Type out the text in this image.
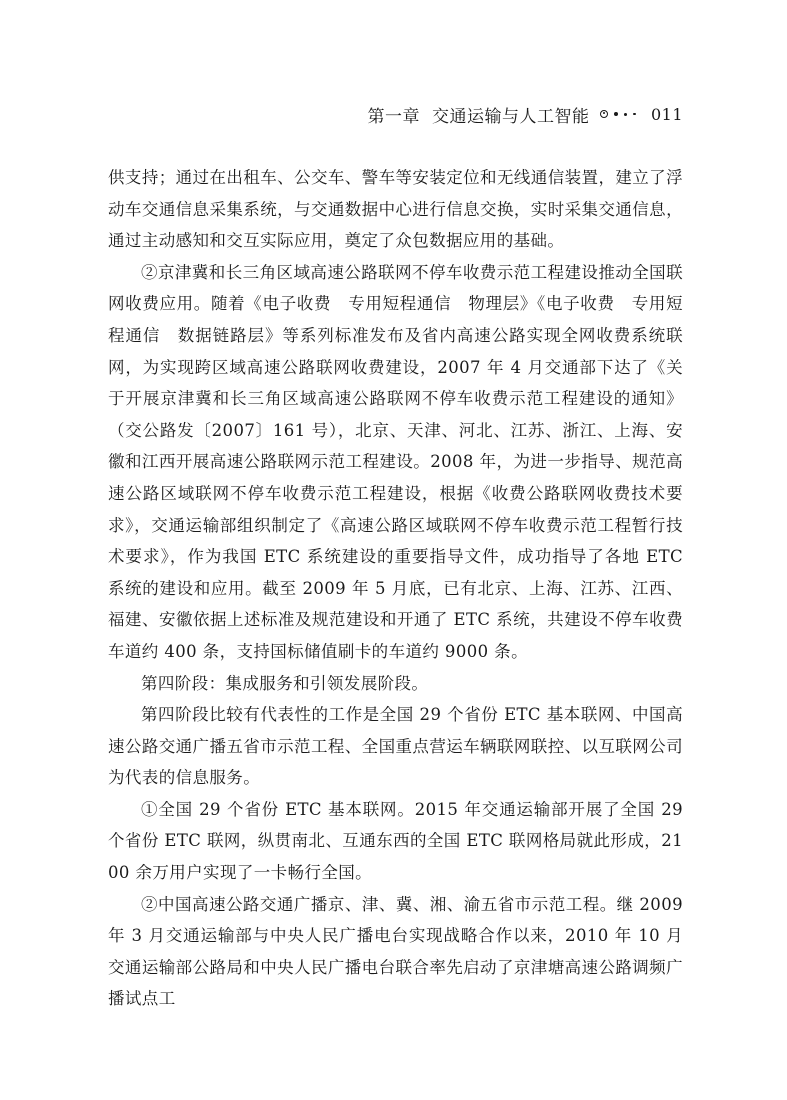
第一章 交通运输与人工智能	011

供支持；通过在出租车、公交车、警车等安装定位和无线通信装置，建立了浮动车交通信息采集系统，与交通数据中心进行信息交换，实时采集交通信息，通过主动感知和交互实际应用，奠定了众包数据应用的基础。

②京津冀和长三角区域高速公路联网不停车收费示范工程建设推动全国联网收费应用。随着《电子收费　专用短程通信　物理层》《电子收费　专用短程通信　数据链路层》等系列标准发布及省内高速公路实现全网收费系统联网，为实现跨区域高速公路联网收费建设，2007 年 4 月交通部下达了《关于开展京津冀和长三角区域高速公路联网不停车收费示范工程建设的通知》（交公路发〔2007〕161 号），北京、天津、河北、江苏、浙江、上海、安徽和江西开展高速公路联网示范工程建设。2008 年，为进一步指导、规范高速公路区域联网不停车收费示范工程建设，根据《收费公路联网收费技术要求》，交通运输部组织制定了《高速公路区域联网不停车收费示范工程暂行技术要求》，作为我国 ETC 系统建设的重要指导文件，成功指导了各地 ETC 系统的建设和应用。截至 2009 年 5 月底，已有北京、上海、江苏、江西、福建、安徽依据上述标准及规范建设和开通了 ETC 系统，共建设不停车收费车道约 400 条，支持国标储值刷卡的车道约 9000 条。

第四阶段：集成服务和引领发展阶段。

第四阶段比较有代表性的工作是全国 29 个省份 ETC 基本联网、中国高速公路交通广播五省市示范工程、全国重点营运车辆联网联控、以互联网公司为代表的信息服务。

①全国 29 个省份 ETC 基本联网。2015 年交通运输部开展了全国 29 个省份 ETC 联网，纵贯南北、互通东西的全国 ETC 联网格局就此形成，2100 余万用户实现了一卡畅行全国。

②中国高速公路交通广播京、津、冀、湘、渝五省市示范工程。继 2009 年 3 月交通运输部与中央人民广播电台实现战略合作以来，2010 年 10 月交通运输部公路局和中央人民广播电台联合率先启动了京津塘高速公路调频广播试点工
